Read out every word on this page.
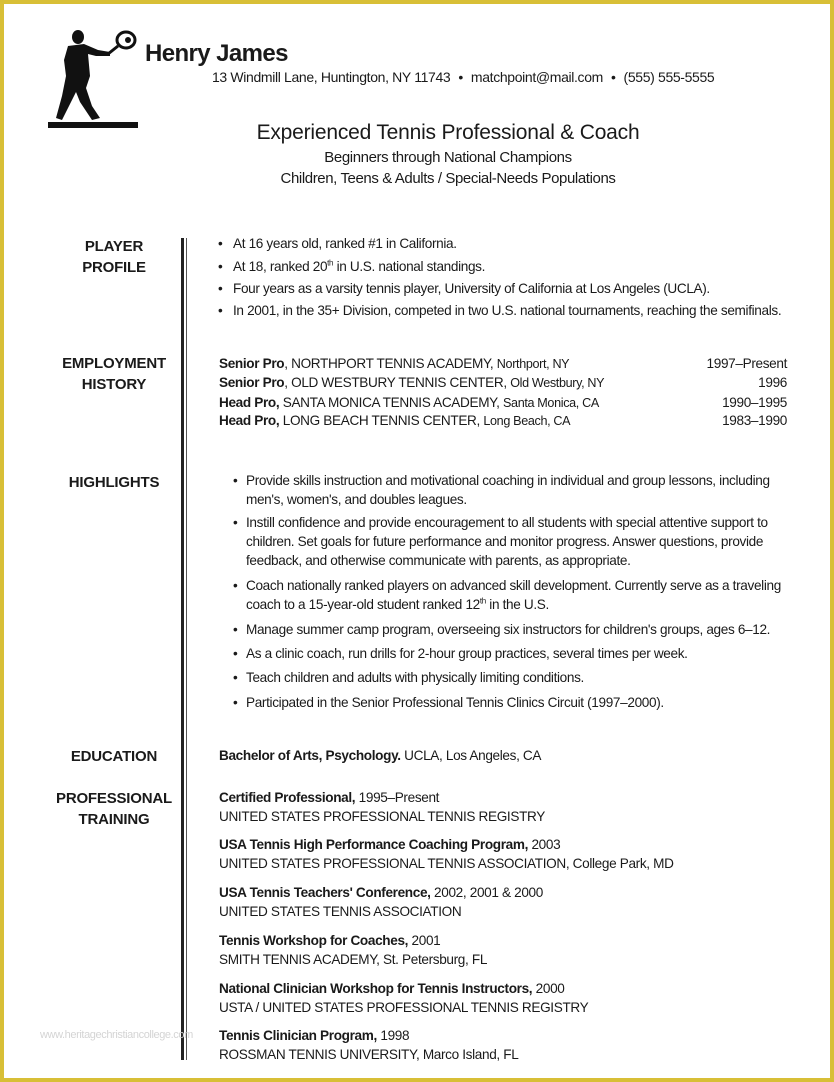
Henry James
13 Windmill Lane, Huntington, NY 11743 • matchpoint@mail.com • (555) 555-5555
Experienced Tennis Professional & Coach
Beginners through National Champions
Children, Teens & Adults / Special-Needs Populations
PLAYER
PROFILE
EMPLOYMENT
HISTORY
HIGHLIGHTS
EDUCATION
PROFESSIONAL
TRAINING
• At 16 years old, ranked #1 in California.
• At 18, ranked 20th in U.S. national standings.
• Four years as a varsity tennis player, University of California at Los Angeles (UCLA).
• In 2001, in the 35+ Division, competed in two U.S. national tournaments, reaching the semifinals.
Senior Pro, NORTHPORT TENNIS ACADEMY, Northport, NY	1997–Present
Senior Pro, OLD WESTBURY TENNIS CENTER, Old Westbury, NY	1996
Head Pro, SANTA MONICA TENNIS ACADEMY, Santa Monica, CA	1990–1995
Head Pro, LONG BEACH TENNIS CENTER, Long Beach, CA	1983–1990
• Provide skills instruction and motivational coaching in individual and group lessons, including men's, women's, and doubles leagues.
• Instill confidence and provide encouragement to all students with special attentive support to children. Set goals for future performance and monitor progress. Answer questions, provide feedback, and otherwise communicate with parents, as appropriate.
• Coach nationally ranked players on advanced skill development. Currently serve as a traveling coach to a 15-year-old student ranked 12th in the U.S.
• Manage summer camp program, overseeing six instructors for children's groups, ages 6–12.
• As a clinic coach, run drills for 2-hour group practices, several times per week.
• Teach children and adults with physically limiting conditions.
• Participated in the Senior Professional Tennis Clinics Circuit (1997–2000).
Bachelor of Arts, Psychology. UCLA, Los Angeles, CA
Certified Professional, 1995–Present
UNITED STATES PROFESSIONAL TENNIS REGISTRY
USA Tennis High Performance Coaching Program, 2003
UNITED STATES PROFESSIONAL TENNIS ASSOCIATION, College Park, MD
USA Tennis Teachers' Conference, 2002, 2001 & 2000
UNITED STATES TENNIS ASSOCIATION
Tennis Workshop for Coaches, 2001
SMITH TENNIS ACADEMY, St. Petersburg, FL
National Clinician Workshop for Tennis Instructors, 2000
USTA / UNITED STATES PROFESSIONAL TENNIS REGISTRY
Tennis Clinician Program, 1998
ROSSMAN TENNIS UNIVERSITY, Marco Island, FL
www.heritagechristiancollege.com
